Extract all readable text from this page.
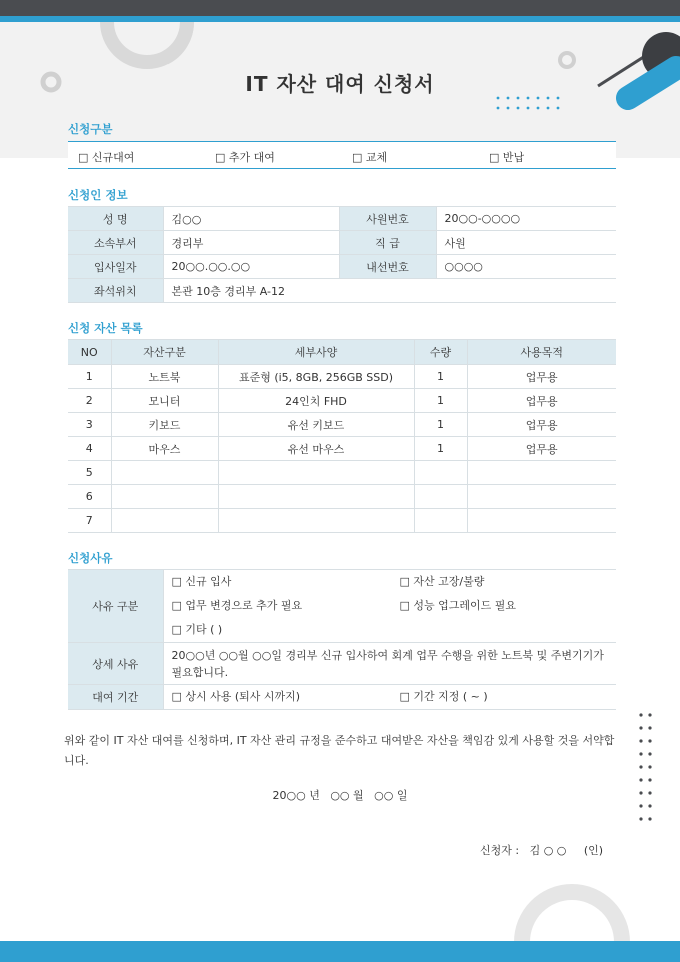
IT 자산 대여 신청서
신청구분
□ 신규대여	□ 추가 대여	□ 교체	□ 반납
신청인 정보
성 명	김○○	사원번호	20○○-○○○○
소속부서	경리부	직 급	사원
입사일자	20○○.○○.○○	내선번호	○○○○
좌석위치	본관 10층 경리부 A-12		
신청 자산 목록
NO	자산구분	세부사양	수량	사용목적
1	노트북	표준형 (i5, 8GB, 256GB SSD)	1	업무용
2	모니터	24인치 FHD	1	업무용
3	키보드	유선 키보드	1	업무용
4	마우스	유선 마우스	1	업무용
5				
6				
7				
신청사유
사유 구분	□ 신규 입사 □ 자산 고장/불량
□ 업무 변경으로 추가 필요 □ 성능 업그레이드 필요
□ 기타 ( )

상세 사유	20○○년 ○○월 ○○일 경리부 신규 입사하여 회계 업무 수행을 위한 노트북 및 주변기기가 필요합니다.
대여 기간	□ 상시 사용 (퇴사 시까지) □ 기간 지정 ( ~ )
위와 같이 IT 자산 대여를 신청하며, IT 자산 관리 규정을 준수하고 대여받은 자산을 책임감 있게 사용할 것을 서약합니다.
20○○ 년   ○○ 월   ○○ 일
신청자 :   김 ○ ○     (인)
